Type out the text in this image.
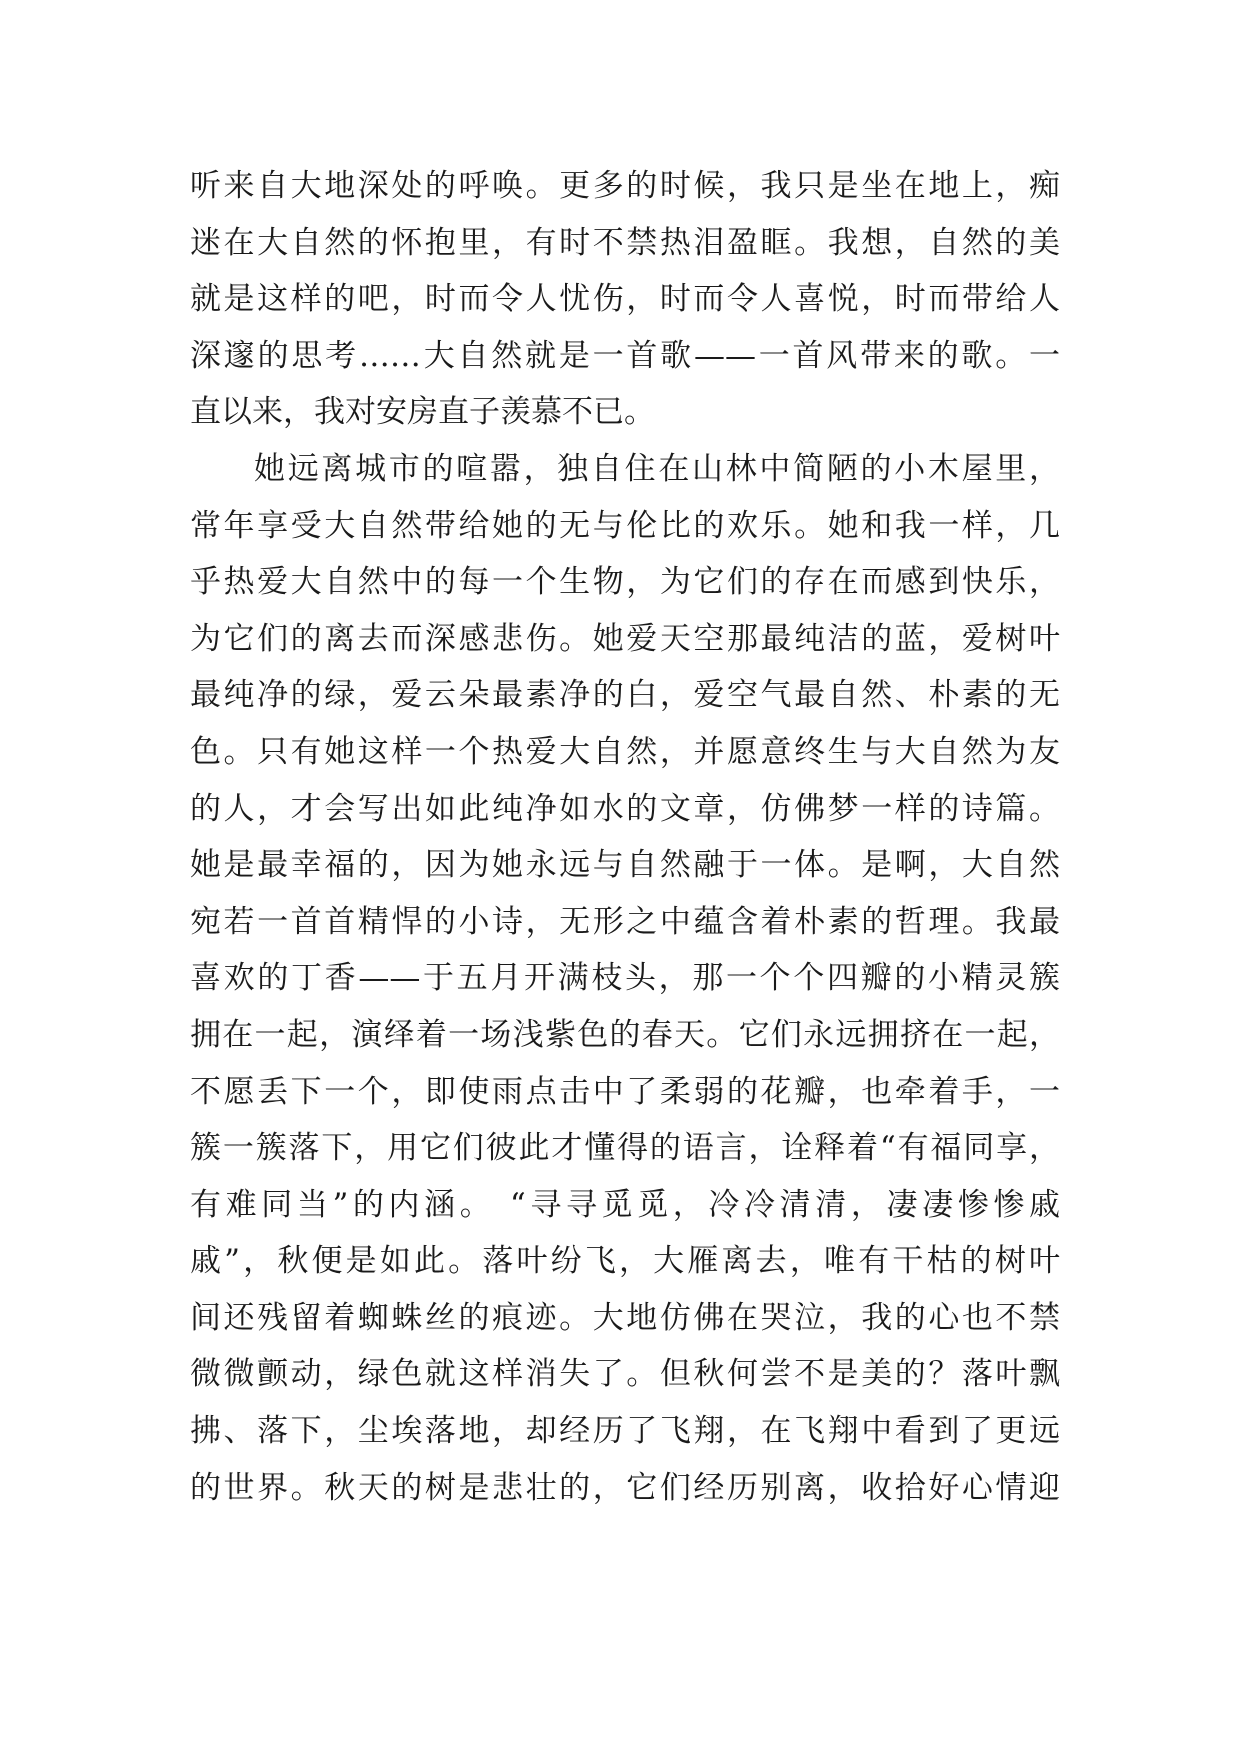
听来自大地深处的呼唤。更多的时候，我只是坐在地上，痴
迷在大自然的怀抱里，有时不禁热泪盈眶。我想，自然的美
就是这样的吧，时而令人忧伤，时而令人喜悦，时而带给人
深邃的思考……大自然就是一首歌——一首风带来的歌。一
直以来，我对安房直子羡慕不已。
她远离城市的喧嚣，独自住在山林中简陋的小木屋里，
常年享受大自然带给她的无与伦比的欢乐。她和我一样，几
乎热爱大自然中的每一个生物，为它们的存在而感到快乐，
为它们的离去而深感悲伤。她爱天空那最纯洁的蓝，爱树叶
最纯净的绿，爱云朵最素净的白，爱空气最自然、朴素的无
色。只有她这样一个热爱大自然，并愿意终生与大自然为友
的人，才会写出如此纯净如水的文章，仿佛梦一样的诗篇。
她是最幸福的，因为她永远与自然融于一体。是啊，大自然
宛若一首首精悍的小诗，无形之中蕴含着朴素的哲理。我最
喜欢的丁香——于五月开满枝头，那一个个四瓣的小精灵簇
拥在一起，演绎着一场浅紫色的春天。它们永远拥挤在一起，
不愿丢下一个，即使雨点击中了柔弱的花瓣，也牵着手，一
簇一簇落下，用它们彼此才懂得的语言，诠释着“有福同享，
有难同当”的内涵。 “寻寻觅觅，冷冷清清，凄凄惨惨戚
戚”，秋便是如此。落叶纷飞，大雁离去，唯有干枯的树叶
间还残留着蜘蛛丝的痕迹。大地仿佛在哭泣，我的心也不禁
微微颤动，绿色就这样消失了。但秋何尝不是美的？落叶飘
拂、落下，尘埃落地，却经历了飞翔，在飞翔中看到了更远
的世界。秋天的树是悲壮的，它们经历别离，收拾好心情迎
